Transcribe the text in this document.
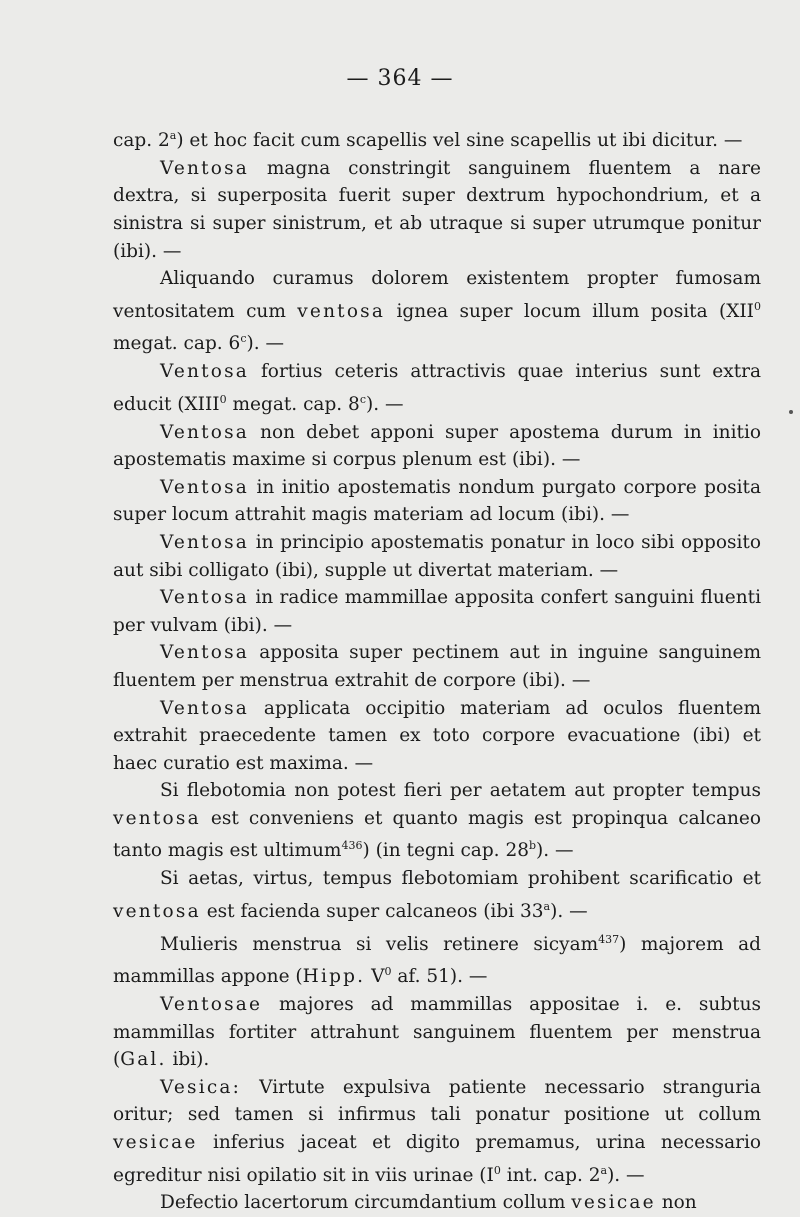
— 364 —

cap. 2$^a$) et hoc facit cum scapellis vel sine scapellis ut ibi dicitur. —

Ventosa magna constringit sanguinem fluentem a nare dextra, si superposita fuerit super dextrum hypochondrium, et a sinistra si super sinistrum, et ab utraque si super utrumque ponitur (ibi). —

Aliquando curamus dolorem existentem propter fumosam ventositatem cum ventosa ignea super locum illum posita (XII$^0$ megat. cap. 6$^c$). —

Ventosa fortius ceteris attractivis quae interius sunt extra educit (XIII$^0$ megat. cap. 8$^c$). —

Ventosa non debet apponi super apostema durum in initio apostematis maxime si corpus plenum est (ibi). —

Ventosa in initio apostematis nondum purgato corpore posita super locum attrahit magis materiam ad locum (ibi). —

Ventosa in principio apostematis ponatur in loco sibi opposito aut sibi colligato (ibi), supple ut divertat materiam. —

Ventosa in radice mammillae apposita confert sanguini fluenti per vulvam (ibi). —

Ventosa apposita super pectinem aut in inguine sanguinem fluentem per menstrua extrahit de corpore (ibi). —

Ventosa applicata occipitio materiam ad oculos fluentem extrahit praecedente tamen ex toto corpore evacuatione (ibi) et haec curatio est maxima. —

Si flebotomia non potest fieri per aetatem aut propter tempus ventosa est conveniens et quanto magis est propinqua calcaneo tanto magis est ultimum$^{436}$) (in tegni cap. 28$^b$). —

Si aetas, virtus, tempus flebotomiam prohibent scarificatio et ventosa est facienda super calcaneos (ibi 33$^a$). —

Mulieris menstrua si velis retinere sicyam$^{437}$) majorem ad mammillas appone (Hipp. $V^0$ af. 51). —

Ventosae majores ad mammillas appositae i. e. subtus mammillas fortiter attrahunt sanguinem fluentem per menstrua (Gal. ibi).

Vesica: Virtute expulsiva patiente necessario stranguria oritur; sed tamen si infirmus tali ponatur positione ut collum vesicae inferius jaceat et digito premamus, urina necessario egreditur nisi opilatio sit in viis urinae ($I^0$ int. cap. 2$^a$). —

Defectio lacertorum circumdantium collum vesicae non
